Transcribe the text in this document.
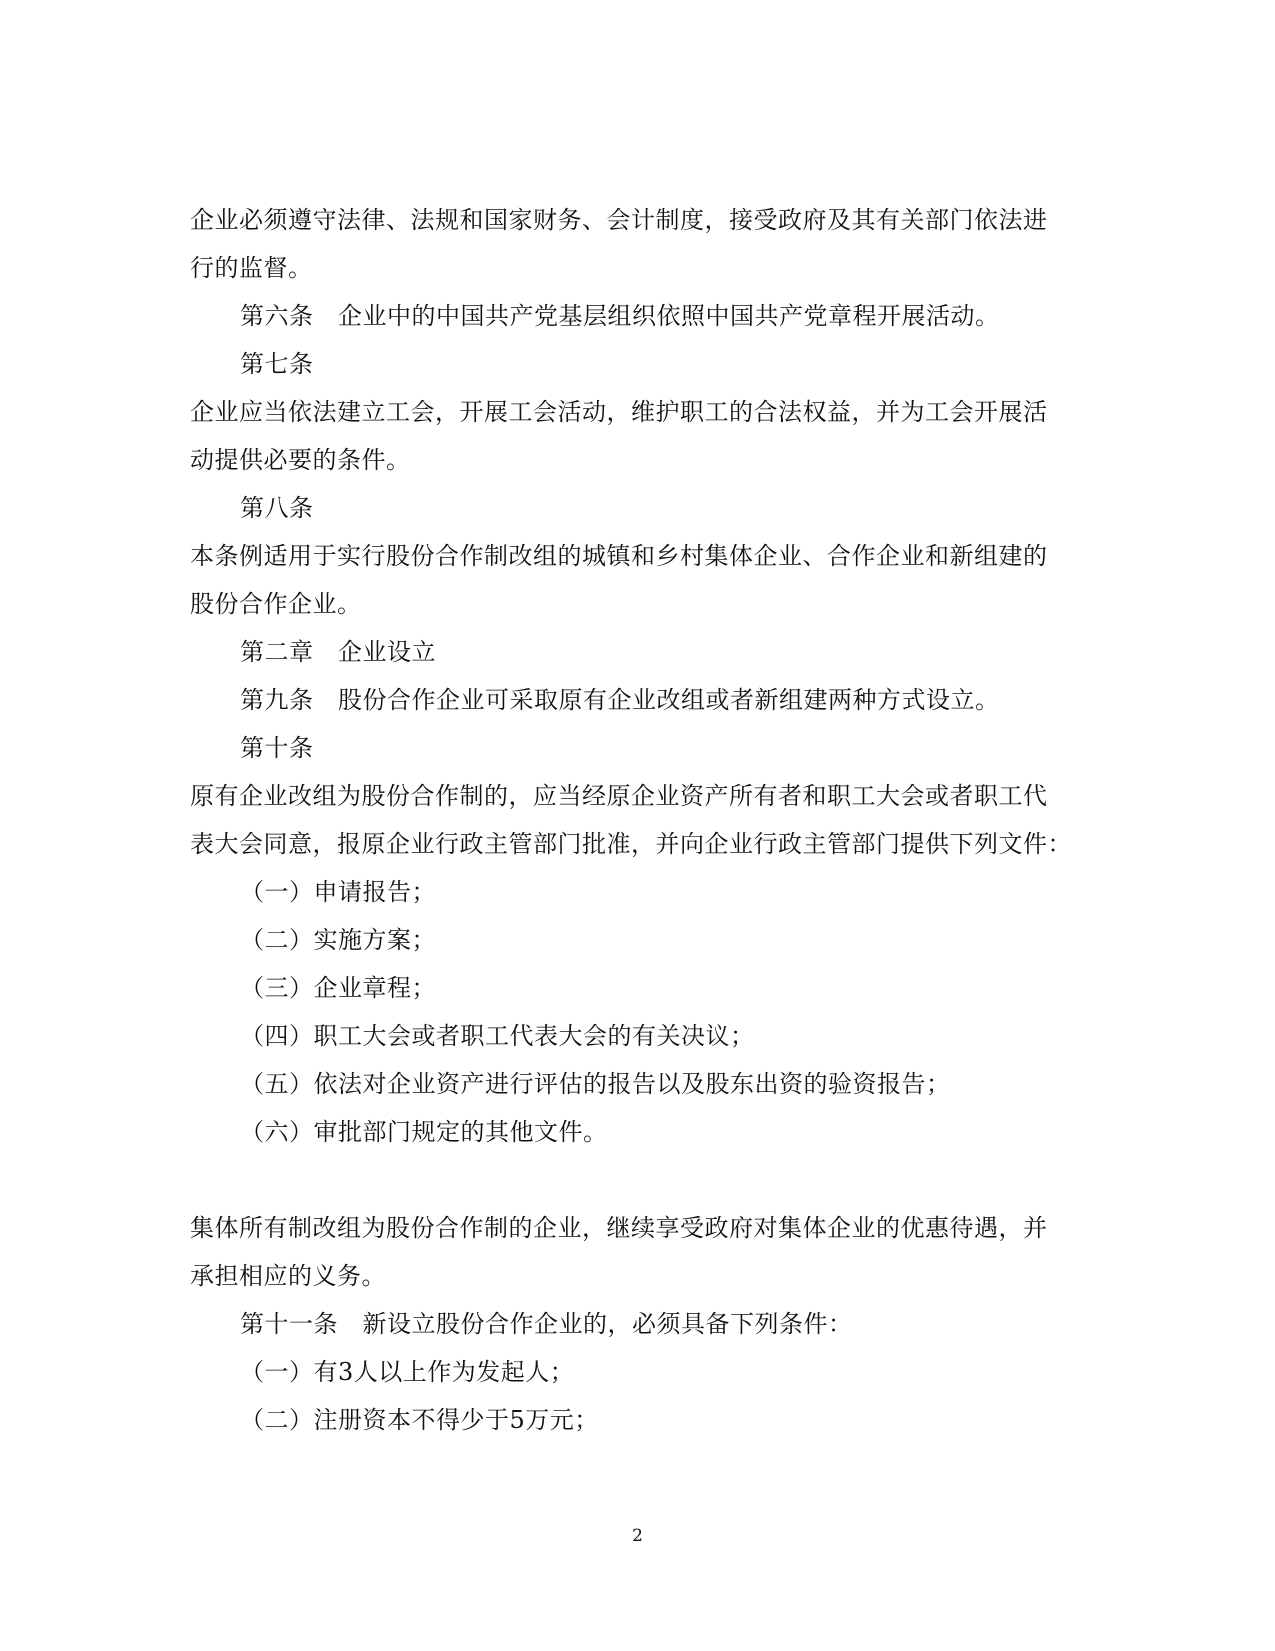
企业必须遵守法律、法规和国家财务、会计制度，接受政府及其有关部门依法进
行的监督。
第六条　企业中的中国共产党基层组织依照中国共产党章程开展活动。
第七条
企业应当依法建立工会，开展工会活动，维护职工的合法权益，并为工会开展活
动提供必要的条件。
第八条
本条例适用于实行股份合作制改组的城镇和乡村集体企业、合作企业和新组建的
股份合作企业。
第二章　企业设立
第九条　股份合作企业可采取原有企业改组或者新组建两种方式设立。
第十条
原有企业改组为股份合作制的，应当经原企业资产所有者和职工大会或者职工代
表大会同意，报原企业行政主管部门批准，并向企业行政主管部门提供下列文件：
（一）申请报告；
（二）实施方案；
（三）企业章程；
（四）职工大会或者职工代表大会的有关决议；
（五）依法对企业资产进行评估的报告以及股东出资的验资报告；
（六）审批部门规定的其他文件。
集体所有制改组为股份合作制的企业，继续享受政府对集体企业的优惠待遇，并
承担相应的义务。
第十一条　新设立股份合作企业的，必须具备下列条件：
（一）有3人以上作为发起人；
（二）注册资本不得少于5万元；
2
